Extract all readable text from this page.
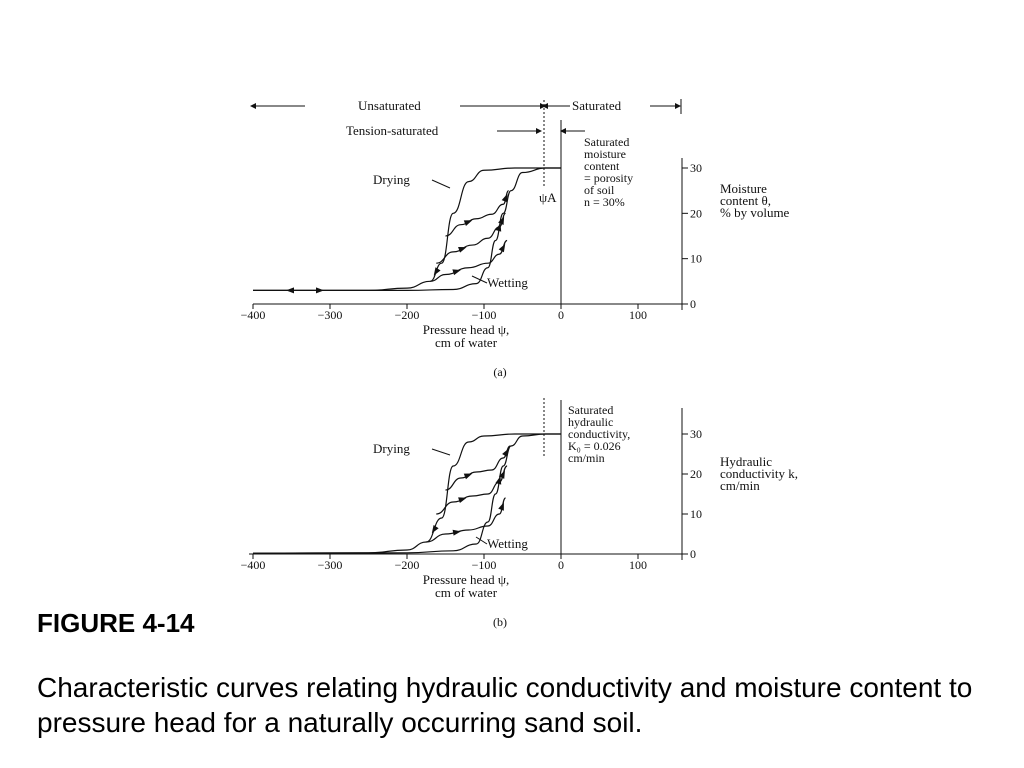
Unsaturated	Saturated
Tension-saturated
ψA
Saturated moisture content = porosity of soil n = 30%
−400	−300	−200	−100	0	100
0
10
20
30
Pressure head ψ, cm of water
Moisture content θ, % by volume
Drying
Wetting
(a)
Saturated hydraulic conductivity, K₀ = 0.026 cm/min
−400	−300	−200	−100	0	100
0
10
20
30
Pressure head ψ, cm of water
Hydraulic conductivity k, cm/min
Drying
Wetting
(b)
FIGURE 4-14

Characteristic curves relating hydraulic conductivity and moisture content to pressure head for a naturally occurring sand soil.
